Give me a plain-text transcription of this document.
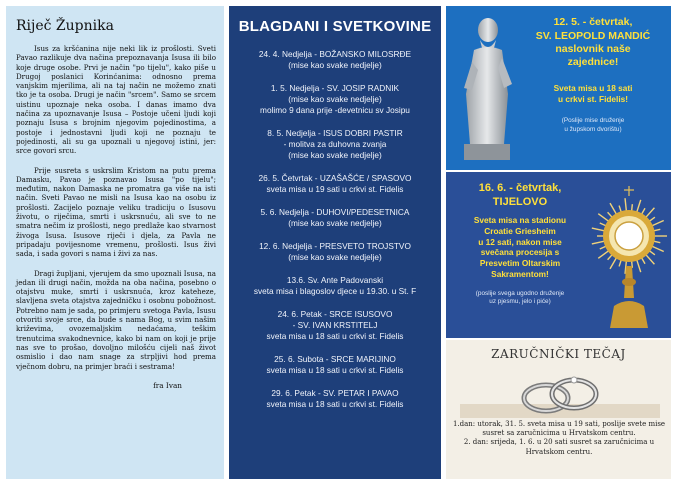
Riječ Župnika

Isus za kršćanina nije neki lik iz prošlosti. Sveti Pavao razlikuje dva načina prepoznavanja Isusa ili bilo koje druge osobe. Prvi je način "po tijelu", kako piše u Drugoj poslanici Korinćanima: odnosno prema vanjskim mjerilima, ali na taj način ne možemo znati tko je ta osoba. Drugi je način "srcem". Samo se srcem uistinu upoznaje neka osoba. I danas imamo dva načina za upoznavanje Isusa – Postoje učeni ljudi koji poznaju Isusa s brojnim njegovim pojedinostima, a postoje i jednostavni ljudi koji ne poznaju te pojedinosti, ali su ga upoznali u njegovoj istini, jer: srce govori srcu.

Prije susreta s uskrslim Kristom na putu prema Damasku, Pavao je poznavao Isusa "po tijelu"; međutim, nakon Damaska ne promatra ga više na isti način. Sveti Pavao ne misli na Isusa kao na osobu iz prošlosti. Zacijelo poznaje veliku tradiciju o Isusovu životu, o riječima, smrti i uskrsnuću, ali sve to ne smatra nečim iz prošlosti, nego predlaže kao stvarnost živoga Isusa. Isusove riječi i djela, za Pavla ne pripadaju povijesnome vremenu, prošlosti. Isus živi sada, i sada govori s nama i živi za nas.

Dragi župljani, vjerujem da smo upoznali Isusa, na jedan ili drugi način, možda na oba načina, posebno o otajstvu muke, smrti i uskrsnuća, kroz kateheze, slavljena sveta otajstva zajedničku i osobnu pobožnost. Potrebno nam je sada, po primjeru svetoga Pavla, Isusu otvoriti svoje srce, da bude s nama Bog, u svim našim križevima, ovozemaljskim nedaćama, teškim trenutcima svakodnevnice, kako bi nam on koji je prije nas sve to prošao, dovoljno milošću cijeli naš život osmislio i dao nam snage za strpljivi hod prema vječnom dobru, na primjer braći i sestrama!

fra Ivan
BLAGDANI I SVETKOVINE
24. 4. Nedjelja - BOŽANSKO MILOSRĐE
(mise kao svake nedjelje)
1. 5. Nedjelja - SV. JOSIP RADNIK
(mise kao svake nedjelje)
molimo 9 dana prije -devetnicu sv Josipu
8. 5. Nedjelja - ISUS DOBRI PASTIR
- molitva za duhovna zvanja
(mise kao svake nedjelje)
26. 5. Četvrtak - UZAŠAŠĆE / SPASOVO
sveta misa u 19 sati u crkvi st. Fidelis
5. 6. Nedjelja - DUHOVI/PEDESETNICA
(mise kao svake nedjelje)
12. 6. Nedjelja - PRESVETO TROJSTVO
(mise kao svake nedjelje)
13.6. Sv. Ante Padovanski
sveta misa i blagoslov djece u 19.30. u St. F
24. 6. Petak - SRCE ISUSOVO
- SV. IVAN KRSTITELJ
sveta misa u 18 sati u crkvi st. Fidelis
25. 6. Subota - SRCE MARIJINO
sveta misa u 18 sati u crkvi st. Fidelis
29. 6. Petak - SV. PETAR I PAVAO
sveta misa u 18 sati u crkvi st. Fidelis
12. 5. - četvrtak,
SV. LEOPOLD MANDIĆ
naslovnik naše
zajednice!
Sveta misa u 18 sati
u crkvi st. Fidelis!
(Poslije mise druženje
u župskom dvorištu)
16. 6. - četvrtak,
TIJELOVO
Sveta misa na stadionu
Croatie Griesheim
u 12 sati, nakon mise
svečana procesija s
Presvetim Oltarskim
Sakramentom!
(poslije svega ugodno druženje
uz pjesmu, jelo i piće)
ZARUČNIČKI TEČAJ
1.dan: utorak, 31. 5. sveta misa u 19 sati, poslije svete mise
susret sa zaručnicima u Hrvatskom centru.
2. dan: srijeda, 1. 6. u 20 sati susret sa zaručnicima u
Hrvatskom centru.
